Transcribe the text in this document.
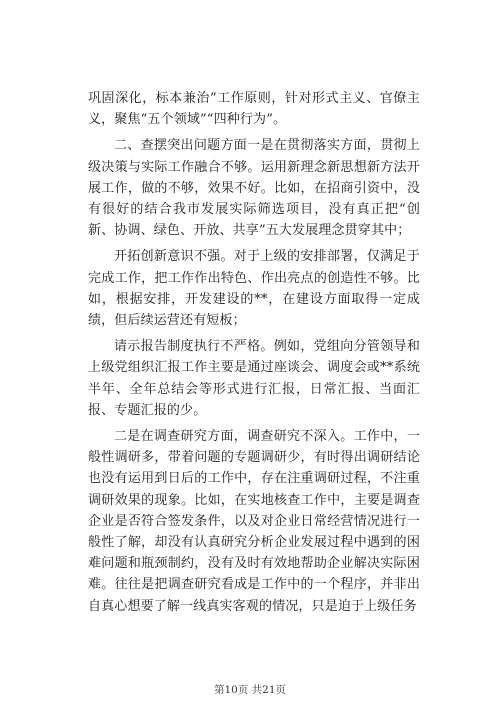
巩固深化，标本兼治”工作原则，针对形式主义、官僚主义，聚焦“五个领域”“四种行为”。

二、查摆突出问题方面一是在贯彻落实方面，贯彻上级决策与实际工作融合不够。运用新理念新思想新方法开展工作，做的不够，效果不好。比如，在招商引资中，没有很好的结合我市发展实际筛选项目，没有真正把“创新、协调、绿色、开放、共享”五大发展理念贯穿其中；

开拓创新意识不强。对于上级的安排部署，仅满足于完成工作，把工作作出特色、作出亮点的创造性不够。比如，根据安排，开发建设的**，在建设方面取得一定成绩，但后续运营还有短板；

请示报告制度执行不严格。例如，党组向分管领导和上级党组织汇报工作主要是通过座谈会、调度会或**系统半年、全年总结会等形式进行汇报，日常汇报、当面汇报、专题汇报的少。

二是在调查研究方面，调查研究不深入。工作中，一般性调研多，带着问题的专题调研少，有时得出调研结论也没有运用到日后的工作中，存在注重调研过程，不注重调研效果的现象。比如，在实地核查工作中，主要是调查企业是否符合签发条件，以及对企业日常经营情况进行一般性了解，却没有认真研究分析企业发展过程中遇到的困难问题和瓶颈制约，没有及时有效地帮助企业解决实际困难。往往是把调查研究看成是工作中的一个程序，并非出自真心想要了解一线真实客观的情况，只是迫于上级任务

第10页 共21页
